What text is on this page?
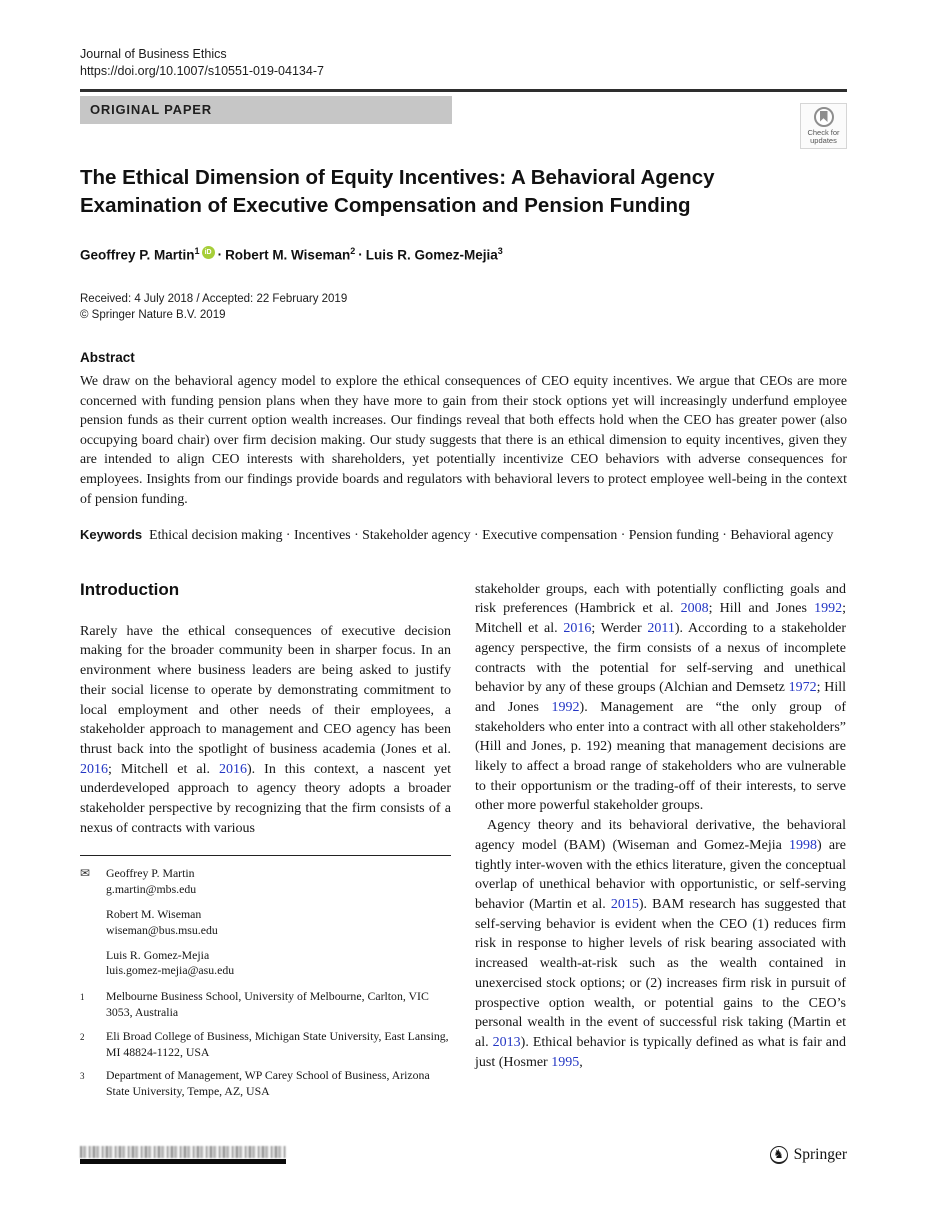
Journal of Business Ethics
https://doi.org/10.1007/s10551-019-04134-7
ORIGINAL PAPER
Check for
updates
The Ethical Dimension of Equity Incentives: A Behavioral Agency Examination of Executive Compensation and Pension Funding
Geoffrey P. Martin$^1$ iD · Robert M. Wiseman$^2$ · Luis R. Gomez-Mejia$^3$
Received: 4 July 2018 / Accepted: 22 February 2019
© Springer Nature B.V. 2019
Abstract
We draw on the behavioral agency model to explore the ethical consequences of CEO equity incentives. We argue that CEOs are more concerned with funding pension plans when they have more to gain from their stock options yet will increasingly underfund employee pension funds as their current option wealth increases. Our findings reveal that both effects hold when the CEO has greater power (also occupying board chair) over firm decision making. Our study suggests that there is an ethical dimension to equity incentives, given they are intended to align CEO interests with shareholders, yet potentially incentivize CEO behaviors with adverse consequences for employees. Insights from our findings provide boards and regulators with behavioral levers to protect employee well-being in the context of pension funding.
Keywords Ethical decision making · Incentives · Stakeholder agency · Executive compensation · Pension funding · Behavioral agency
Introduction

Rarely have the ethical consequences of executive decision making for the broader community been in sharper focus. In an environment where business leaders are being asked to justify their social license to operate by demonstrating commitment to local employment and other needs of their employees, a stakeholder approach to management and CEO agency has been thrust back into the spotlight of business academia (Jones et al. 2016; Mitchell et al. 2016). In this context, a nascent yet underdeveloped approach to agency theory adopts a broader stakeholder perspective by recognizing that the firm consists of a nexus of contracts with various

✉	Geoffrey P. Martin
g.martin@mbs.edu
Robert M. Wiseman
wiseman@bus.msu.edu
Luis R. Gomez-Mejia
luis.gomez-mejia@asu.edu
1	Melbourne Business School, University of Melbourne, Carlton, VIC 3053, Australia
2	Eli Broad College of Business, Michigan State University, East Lansing, MI 48824-1122, USA
3	Department of Management, WP Carey School of Business, Arizona State University, Tempe, AZ, USA

stakeholder groups, each with potentially conflicting goals and risk preferences (Hambrick et al. 2008; Hill and Jones 1992; Mitchell et al. 2016; Werder 2011). According to a stakeholder agency perspective, the firm consists of a nexus of incomplete contracts with the potential for self-serving and unethical behavior by any of these groups (Alchian and Demsetz 1972; Hill and Jones 1992). Management are “the only group of stakeholders who enter into a contract with all other stakeholders” (Hill and Jones, p. 192) meaning that management decisions are likely to affect a broad range of stakeholders who are vulnerable to their opportunism or the trading-off of their interests, to serve other more powerful stakeholder groups.

Agency theory and its behavioral derivative, the behavioral agency model (BAM) (Wiseman and Gomez-Mejia 1998) are tightly inter-woven with the ethics literature, given the conceptual overlap of unethical behavior with opportunistic, or self-serving behavior (Martin et al. 2015). BAM research has suggested that self-serving behavior is evident when the CEO (1) reduces firm risk in response to higher levels of risk bearing associated with increased wealth-at-risk such as the wealth contained in unexercised stock options; or (2) increases firm risk in pursuit of prospective option wealth, or potential gains to the CEO’s personal wealth in the event of successful risk taking (Martin et al. 2013). Ethical behavior is typically defined as what is fair and just (Hosmer 1995,

♞ Springer
